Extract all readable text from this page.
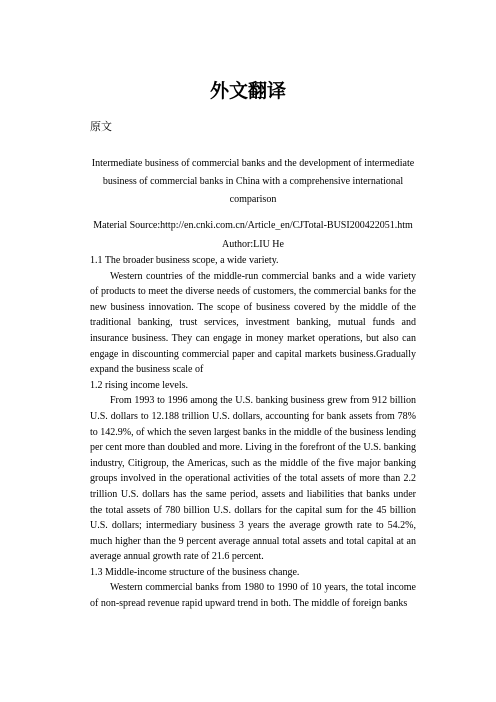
外文翻译
原文
Intermediate business of commercial banks and the development of intermediate
business of commercial banks in China with a comprehensive international
comparison
Material Source:http://en.cnki.com.cn/Article_en/CJTotal-BUSI200422051.htm
Author:LIU He

1.1 The broader business scope, a wide variety.

Western countries of the middle-run commercial banks and a wide variety of products to meet the diverse needs of customers, the commercial banks for the new business innovation. The scope of business covered by the middle of the traditional banking, trust services, investment banking, mutual funds and insurance business. They can engage in money market operations, but also can engage in discounting commercial paper and capital markets business.Gradually expand the business scale of

1.2 rising income levels.

From 1993 to 1996 among the U.S. banking business grew from 912 billion U.S. dollars to 12.188 trillion U.S. dollars, accounting for bank assets from 78% to 142.9%, of which the seven largest banks in the middle of the business lending per cent more than doubled and more. Living in the forefront of the U.S. banking industry, Citigroup, the Americas, such as the middle of the five major banking groups involved in the operational activities of the total assets of more than 2.2 trillion U.S. dollars has the same period, assets and liabilities that banks under the total assets of 780 billion U.S. dollars for the capital sum for the 45 billion U.S. dollars; intermediary business 3 years the average growth rate to 54.2%, much higher than the 9 percent average annual total assets and total capital at an average annual growth rate of 21.6 percent.

1.3 Middle-income structure of the business change.

Western commercial banks from 1980 to 1990 of 10 years, the total income of non-spread revenue rapid upward trend in both. The middle of foreign banks
